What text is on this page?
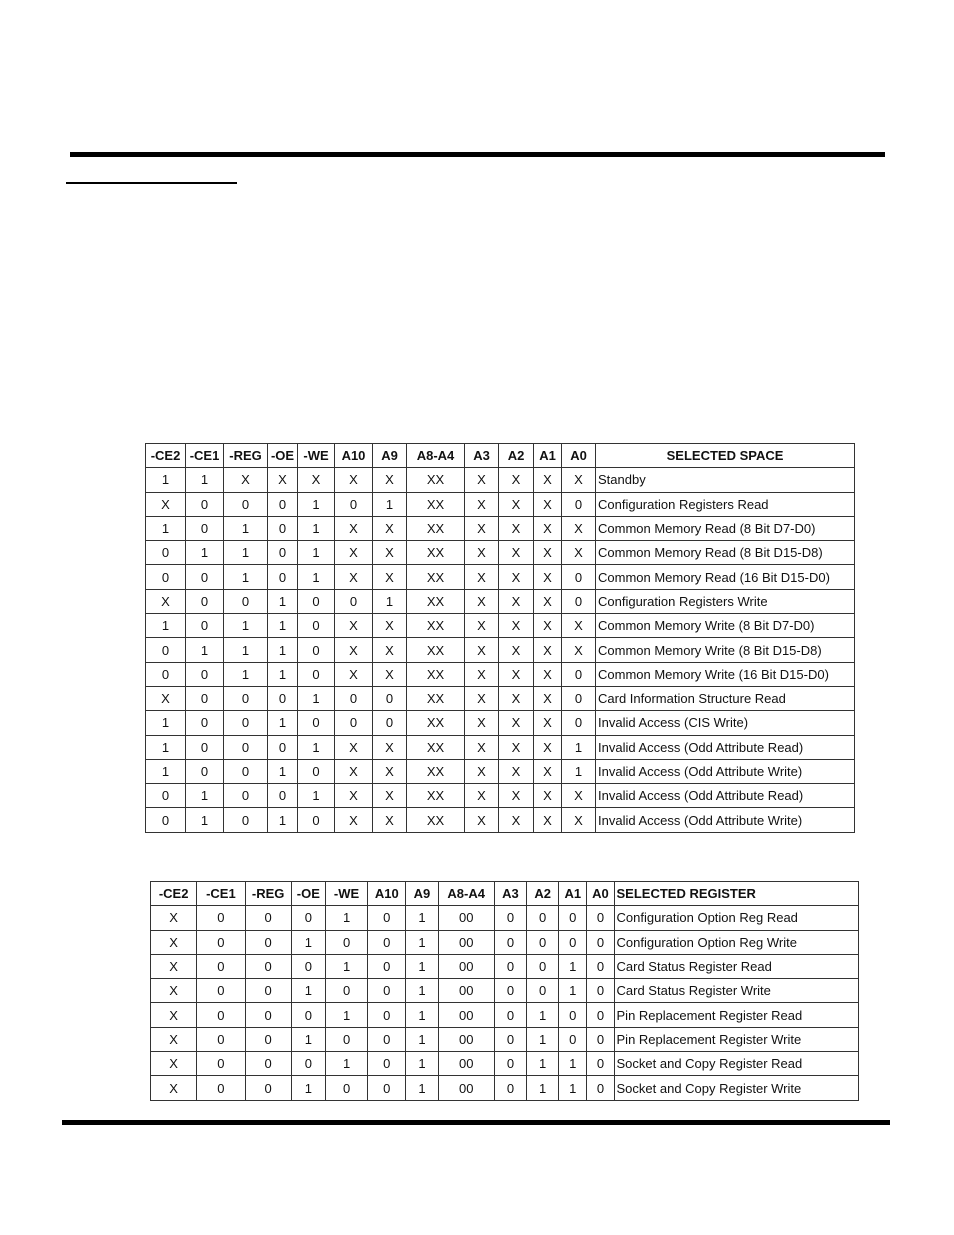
-CE2	-CE1	-REG	-OE	-WE	A10	A9	A8-A4	A3	A2	A1	A0	SELECTED SPACE
1	1	X	X	X	X	X	XX	X	X	X	X	Standby
X	0	0	0	1	0	1	XX	X	X	X	0	Configuration Registers Read
1	0	1	0	1	X	X	XX	X	X	X	X	Common Memory Read (8 Bit D7-D0)
0	1	1	0	1	X	X	XX	X	X	X	X	Common Memory Read (8 Bit D15-D8)
0	0	1	0	1	X	X	XX	X	X	X	0	Common Memory Read (16 Bit D15-D0)
X	0	0	1	0	0	1	XX	X	X	X	0	Configuration Registers Write
1	0	1	1	0	X	X	XX	X	X	X	X	Common Memory Write (8 Bit D7-D0)
0	1	1	1	0	X	X	XX	X	X	X	X	Common Memory Write (8 Bit D15-D8)
0	0	1	1	0	X	X	XX	X	X	X	0	Common Memory Write (16 Bit D15-D0)
X	0	0	0	1	0	0	XX	X	X	X	0	Card Information Structure Read
1	0	0	1	0	0	0	XX	X	X	X	0	Invalid Access (CIS Write)
1	0	0	0	1	X	X	XX	X	X	X	1	Invalid Access (Odd Attribute Read)
1	0	0	1	0	X	X	XX	X	X	X	1	Invalid Access (Odd Attribute Write)
0	1	0	0	1	X	X	XX	X	X	X	X	Invalid Access (Odd Attribute Read)
0	1	0	1	0	X	X	XX	X	X	X	X	Invalid Access (Odd Attribute Write)
-CE2	-CE1	-REG	-OE	-WE	A10	A9	A8-A4	A3	A2	A1	A0	SELECTED REGISTER
X	0	0	0	1	0	1	00	0	0	0	0	Configuration Option Reg Read
X	0	0	1	0	0	1	00	0	0	0	0	Configuration Option Reg Write
X	0	0	0	1	0	1	00	0	0	1	0	Card Status Register Read
X	0	0	1	0	0	1	00	0	0	1	0	Card Status Register Write
X	0	0	0	1	0	1	00	0	1	0	0	Pin Replacement Register Read
X	0	0	1	0	0	1	00	0	1	0	0	Pin Replacement Register Write
X	0	0	0	1	0	1	00	0	1	1	0	Socket and Copy Register Read
X	0	0	1	0	0	1	00	0	1	1	0	Socket and Copy Register Write
